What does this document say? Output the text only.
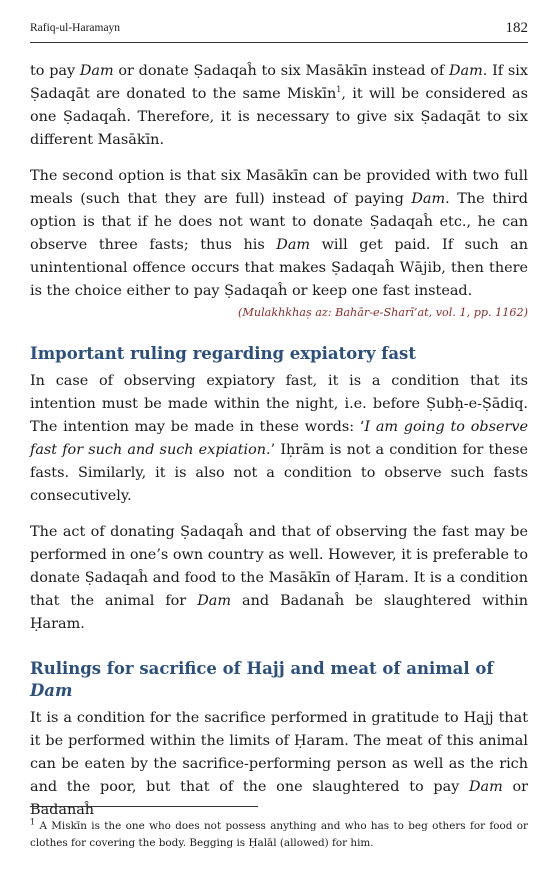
Rafiq-ul-Haramayn	182

to pay Dam or donate Ṣadaqaĥ to six Masākīn instead of Dam. If six Ṣadaqāt are donated to the same Miskīn$^1$, it will be considered as one Ṣadaqaĥ. Therefore, it is necessary to give six Ṣadaqāt to six different Masākīn.

The second option is that six Masākīn can be provided with two full meals (such that they are full) instead of paying Dam. The third option is that if he does not want to donate Ṣadaqaĥ etc., he can observe three fasts; thus his Dam will get paid. If such an unintentional offence occurs that makes Ṣadaqaĥ Wājib, then there is the choice either to pay Ṣadaqaĥ or keep one fast instead.

(Mulakhkhaṣ az: Bahār-e-Sharī’at, vol. 1, pp. 1162)
Important ruling regarding expiatory fast

In case of observing expiatory fast, it is a condition that its intention must be made within the night, i.e. before Ṣubḥ-e-Ṣādiq. The intention may be made in these words: ‘I am going to observe fast for such and such expiation.’ Iḥrām is not a condition for these fasts. Similarly, it is also not a condition to observe such fasts consecutively.

The act of donating Ṣadaqaĥ and that of observing the fast may be performed in one’s own country as well. However, it is preferable to donate Ṣadaqaĥ and food to the Masākīn of Ḥaram. It is a condition that the animal for Dam and Badanaĥ be slaughtered within Ḥaram.

Rulings for sacrifice of Hajj and meat of animal of Dam

It is a condition for the sacrifice performed in gratitude to Hajj that it be performed within the limits of Ḥaram. The meat of this animal can be eaten by the sacrifice-performing person as well as the rich and the poor, but that of the one slaughtered to pay Dam or Badanaĥ

$^1$ A Miskīn is the one who does not possess anything and who has to beg others for food or clothes for covering the body. Begging is Ḥalāl (allowed) for him.
